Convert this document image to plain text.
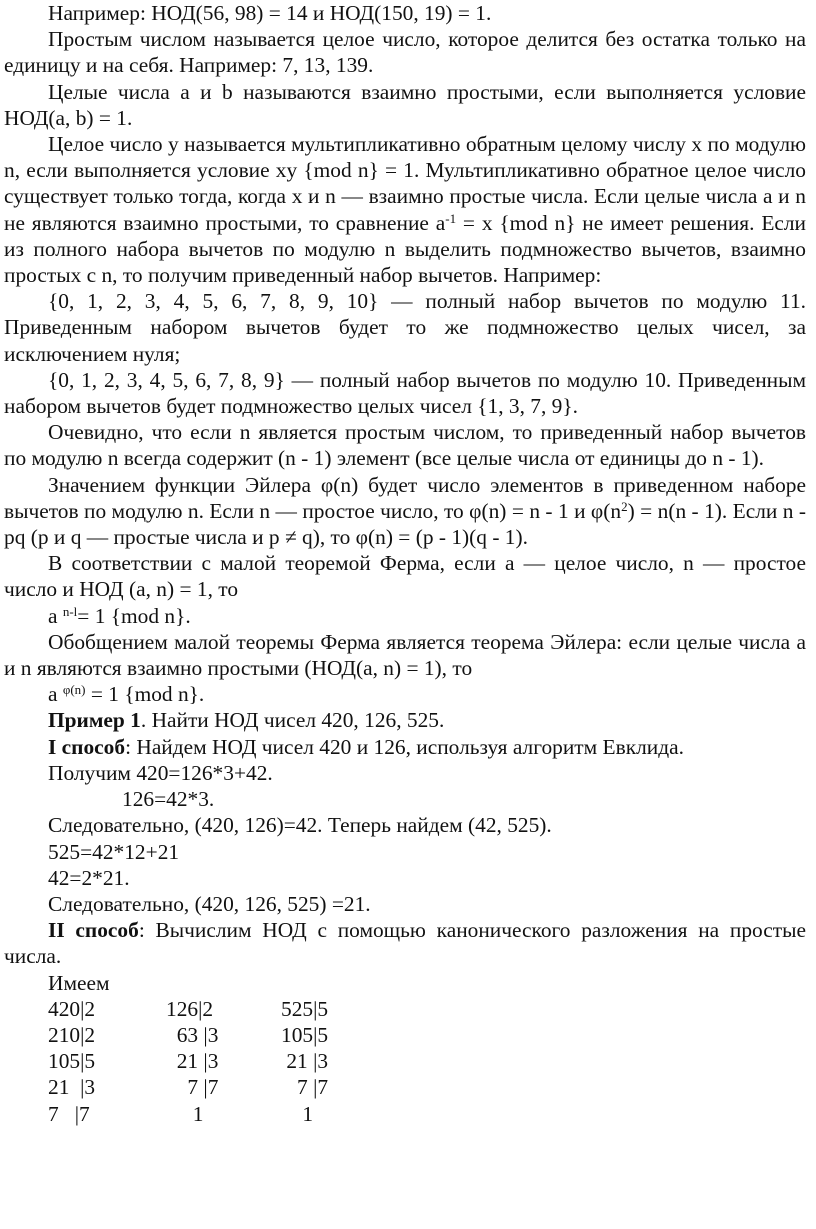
Например: НОД(56, 98) = 14 и НОД(150, 19) = 1.

Простым числом называется целое число, которое делится без остатка только на единицу и на себя. Например: 7, 13, 139.

Целые числа a и b называются взаимно простыми, если выполняется условие НОД(a, b) = 1.

Целое число y называется мультипликативно обратным целому числу x по модулю n, если выполняется условие xy {mod n} = 1. Мультипликативно обратное целое число существует только тогда, когда x и n — взаимно простые числа. Если целые числа a и n не являются взаимно простыми, то сравнение $a^{-1} = x$ {mod n} не имеет решения. Если из полного набора вычетов по модулю n выделить подмножество вычетов, взаимно простых с n, то получим приведенный набор вычетов. Например:

{0, 1, 2, 3, 4, 5, 6, 7, 8, 9, 10} — полный набор вычетов по модулю 11. Приведенным набором вычетов будет то же подмножество целых чисел, за исключением нуля;

{0, 1, 2, 3, 4, 5, 6, 7, 8, 9} — полный набор вычетов по модулю 10. Приведенным набором вычетов будет подмножество целых чисел {1, 3, 7, 9}.

Очевидно, что если n является простым числом, то приведенный набор вычетов по модулю n всегда содержит (n - 1) элемент (все целые числа от единицы до n - 1).

Значением функции Эйлера φ(n) будет число элементов в приведенном наборе вычетов по модулю n. Если n — простое число, то φ(n) = n - 1 и $\varphi(n^2) = n(n - 1)$. Если n - pq (p и q — простые числа и p ≠ q), то φ(n) = (p - 1)(q - 1).

В соответствии с малой теоремой Ферма, если a — целое число, n — простое число и НОД (a, n) = 1, то

a $^{n-l}$= 1 {mod n}.

Обобщением малой теоремы Ферма является теорема Эйлера: если целые числа a и n являются взаимно простыми (НОД(a, n) = 1), то

a $^{\varphi(n)}$ = 1 {mod n}.
Пример 1. Найти НОД чисел 420, 126, 525.
I способ: Найдем НОД чисел 420 и 126, используя алгоритм Евклида.
Получим 420=126*3+42.
126=42*3.
Следовательно, (420, 126)=42. Теперь найдем (42, 525).
525=42*12+21
42=2*21.
Следовательно, (420, 126, 525) =21.

II способ: Вычислим НОД с помощью канонического разложения на простые числа.

Имеем
420|2	126|2	525|5
210|2	63 |3	105|5
105|5	21 |3	21 |3
21  |3	7 |7	7 |7
7   |7	1	1
